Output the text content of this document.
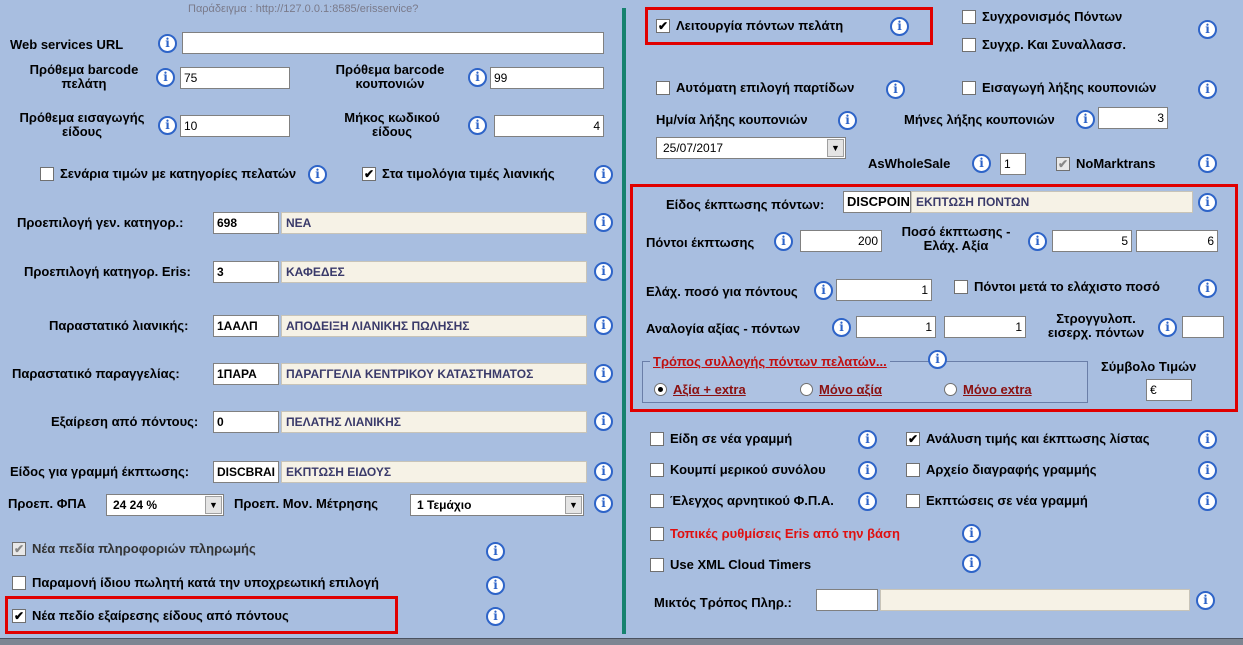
Παράδειγμα : http://127.0.0.1:8585/erisservice?
Web services URL	i
Πρόθεμα barcode πελάτη	i	75
Πρόθεμα barcode κουπονιών	i	99
Πρόθεμα εισαγωγής είδους	i	10
Μήκος κωδικού είδους	i	4
Σενάρια τιμών με κατηγορίες πελατών	i	✔ Στα τιμολόγια τιμές λιανικής	i
Προεπιλογή γεν. κατηγορ.:	698	ΝΕΑ	i
Προεπιλογή κατηγορ. Eris:	3	ΚΑΦΕΔΕΣ	i
Παραστατικό λιανικής:	1ΑΑΛΠ	ΑΠΟΔΕΙΞΗ ΛΙΑΝΙΚΗΣ ΠΩΛΗΣΗΣ	i
Παραστατικό παραγγελίας:	1ΠΑΡΑ	ΠΑΡΑΓΓΕΛΙΑ ΚΕΝΤΡΙΚΟΥ ΚΑΤΑΣΤΗΜΑΤΟΣ	i
Εξαίρεση από πόντους:	0	ΠΕΛΑΤΗΣ ΛΙΑΝΙΚΗΣ	i
Είδος για γραμμή έκπτωσης:	DISCBRAI ΕΚΠΤΩΣΗ ΕΙΔΟΥΣ	i
Προεπ. ΦΠΑ	24 24 %	▼	Προεπ. Μον. Μέτρησης	1 Τεμάχιο	▼	i
✔ Νέα πεδία πληροφοριών πληρωμής	i
Παραμονή ίδιου πωλητή κατά την υποχρεωτική επιλογή	i
✔ Νέα πεδίο εξαίρεσης είδους από πόντους	i
✔ Λειτουργία πόντων πελάτη	i
Συγχρονισμός Πόντων
Συγχρ. Και Συναλλασσ.
i
Αυτόματη επιλογή παρτίδων	i	Εισαγωγή λήξης κουπονιών	i
Ημ/νία λήξης κουπονιών	i
25/07/2017	▼
Μήνες λήξης κουπονιών	i	3
AsWholeSale	i	1	✔ NoMarktrans	i
Είδος έκπτωσης πόντων:	DISCPOIN ΕΚΠΤΩΣΗ ΠΟΝΤΩΝ	i
Πόντοι έκπτωσης	i	200
Ποσό έκπτωσης - Ελάχ. Αξία	i	5	6
Ελάχ. ποσό για πόντους	i	1	Πόντοι μετά το ελάχιστο ποσό	i
Αναλογία αξίας - πόντων	i	1	1
Στρογγυλοπ. εισερχ. πόντων	i
Τρόπος συλλογής πόντων πελατών...	i
Αξία + extra	Μόνο αξία	Μόνο extra
Σύμβολο Τιμών
€
Είδη σε νέα γραμμή	i	✔ Ανάλυση τιμής και έκπτωσης λίστας	i
Κουμπί μερικού συνόλου	i	Αρχείο διαγραφής γραμμής	i
Έλεγχος αρνητικού Φ.Π.Α.	i	Εκπτώσεις σε νέα γραμμή	i
Τοπικές ρυθμίσεις Eris από την βάση	i
Use XML Cloud Timers	i
Μικτός Τρόπος Πληρ.:	i
